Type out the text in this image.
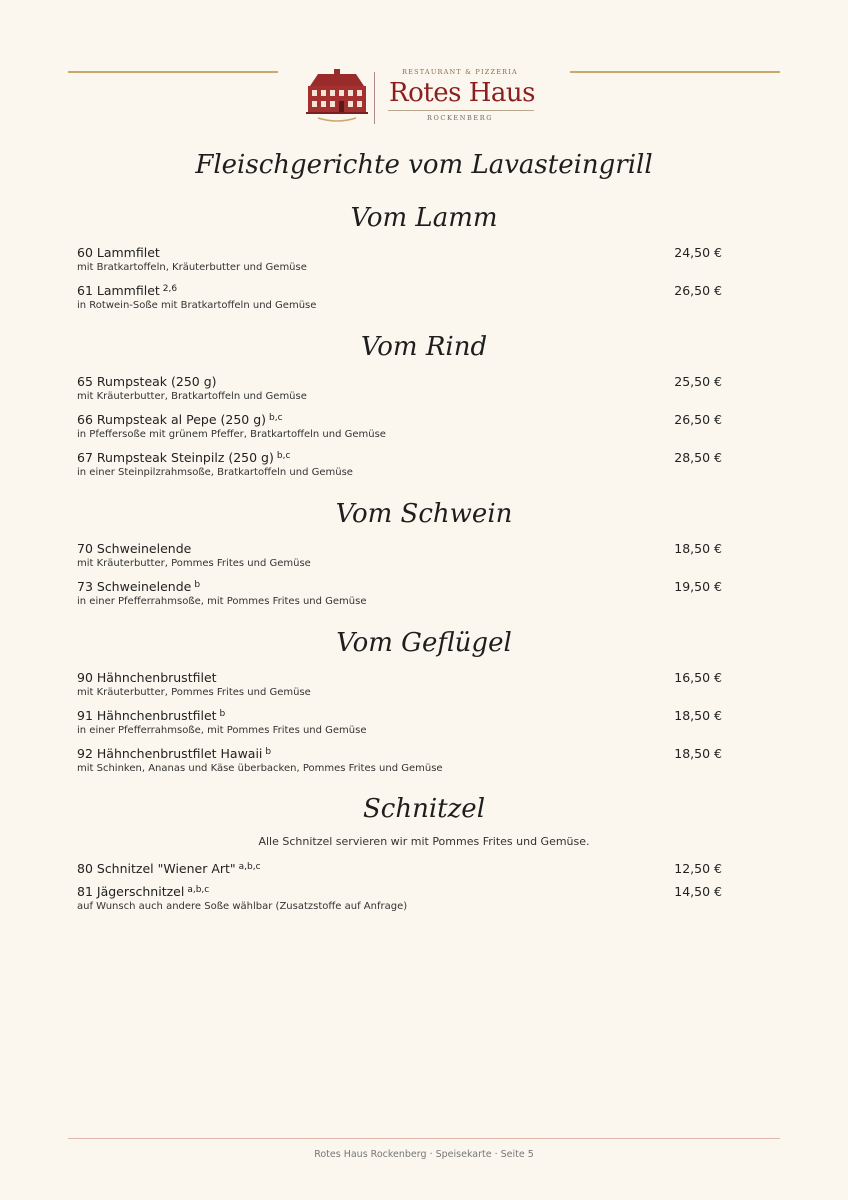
RESTAURANT & PIZZERIA
Rotes Haus
ROCKENBERG
Fleischgerichte vom Lavasteingrill
Vom Lamm
60 Lammfilet	24,50 €
mit Bratkartoffeln, Kräuterbutter und Gemüse
61 Lammfilet $^{2,6}$	26,50 €
in Rotwein-Soße mit Bratkartoffeln und Gemüse
Vom Rind
65 Rumpsteak (250 g)	25,50 €
mit Kräuterbutter, Bratkartoffeln und Gemüse
66 Rumpsteak al Pepe (250 g) $^{b,c}$	26,50 €
in Pfeffersoße mit grünem Pfeffer, Bratkartoffeln und Gemüse
67 Rumpsteak Steinpilz (250 g) $^{b,c}$	28,50 €
in einer Steinpilzrahmsoße, Bratkartoffeln und Gemüse
Vom Schwein
70 Schweinelende	18,50 €
mit Kräuterbutter, Pommes Frites und Gemüse
73 Schweinelende $^b$	19,50 €
in einer Pfefferrahmsoße, mit Pommes Frites und Gemüse
Vom Geflügel
90 Hähnchenbrustfilet	16,50 €
mit Kräuterbutter, Pommes Frites und Gemüse
91 Hähnchenbrustfilet $^b$	18,50 €
in einer Pfefferrahmsoße, mit Pommes Frites und Gemüse
92 Hähnchenbrustfilet Hawaii $^b$	18,50 €
mit Schinken, Ananas und Käse überbacken, Pommes Frites und Gemüse
Schnitzel
Alle Schnitzel servieren wir mit Pommes Frites und Gemüse.
80 Schnitzel "Wiener Art" $^{a,b,c}$	12,50 €
81 Jägerschnitzel $^{a,b,c}$	14,50 €
auf Wunsch auch andere Soße wählbar (Zusatzstoffe auf Anfrage)
Rotes Haus Rockenberg · Speisekarte · Seite 5
